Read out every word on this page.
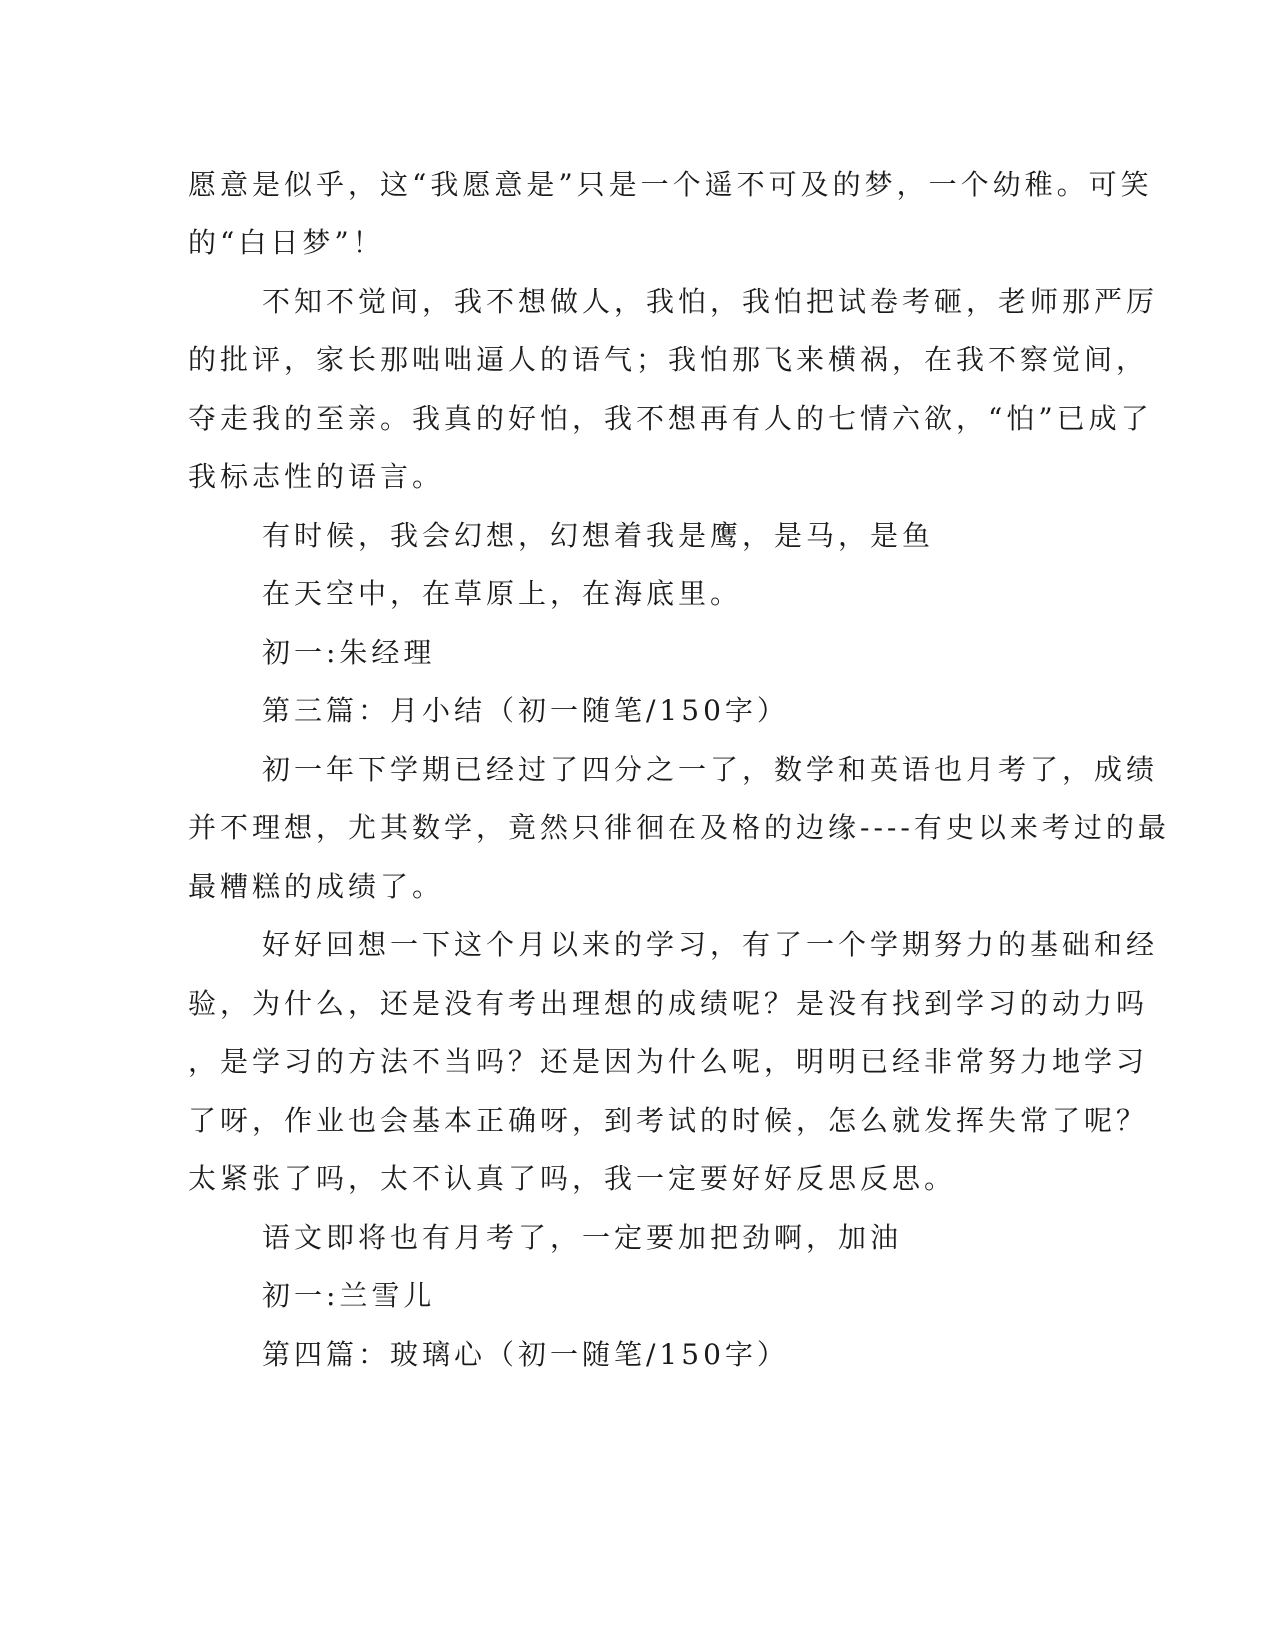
愿意是似乎，这“我愿意是”只是一个遥不可及的梦，一个幼稚。可笑
的“白日梦”！
不知不觉间，我不想做人，我怕，我怕把试卷考砸，老师那严厉
的批评，家长那咄咄逼人的语气；我怕那飞来横祸，在我不察觉间，
夺走我的至亲。我真的好怕，我不想再有人的七情六欲，“怕”已成了
我标志性的语言。
有时候，我会幻想，幻想着我是鹰，是马，是鱼
在天空中，在草原上，在海底里。
初一:朱经理
第三篇：月小结（初一随笔/150字）
初一年下学期已经过了四分之一了，数学和英语也月考了，成绩
并不理想，尤其数学，竟然只徘徊在及格的边缘----有史以来考过的最
最糟糕的成绩了。
好好回想一下这个月以来的学习，有了一个学期努力的基础和经
验，为什么，还是没有考出理想的成绩呢？是没有找到学习的动力吗
，是学习的方法不当吗？还是因为什么呢，明明已经非常努力地学习
了呀，作业也会基本正确呀，到考试的时候，怎么就发挥失常了呢？
太紧张了吗，太不认真了吗，我一定要好好反思反思。
语文即将也有月考了，一定要加把劲啊，加油
初一:兰雪儿
第四篇：玻璃心（初一随笔/150字）
